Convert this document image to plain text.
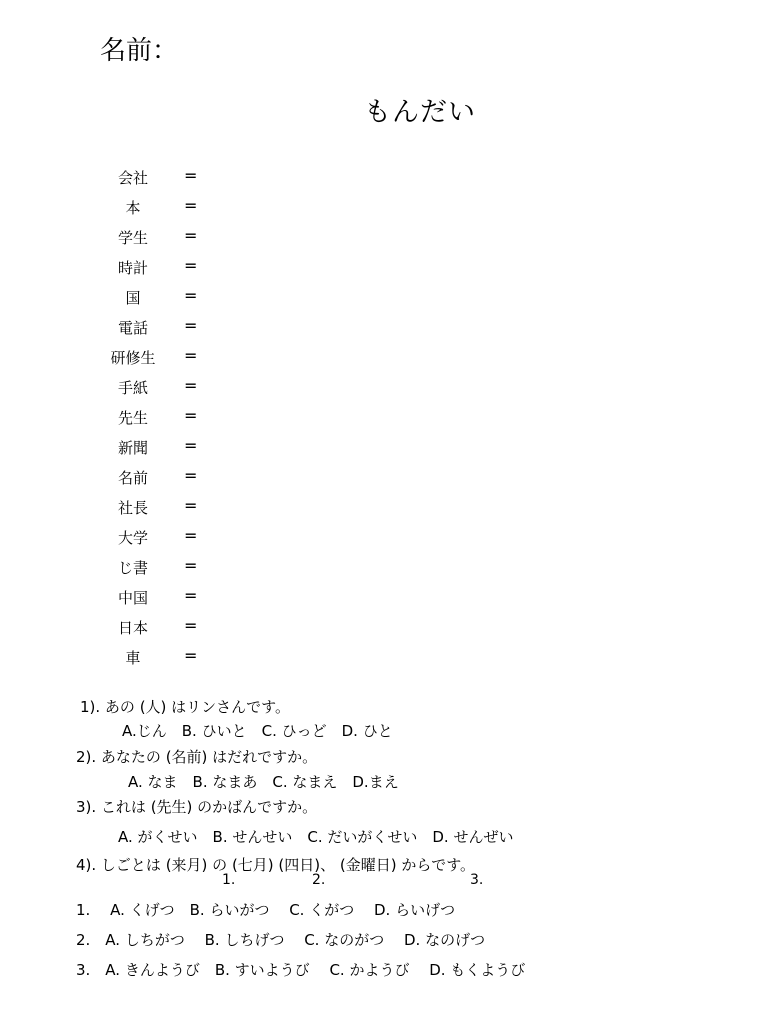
名前：
もんだい
会社	=
本	=
学生	=
時計	=
国	=
電話	=
研修生	=
手紙	=
先生	=
新聞	=
名前	=
社長	=
大学	=
じ書	=
中国	=
日本	=
車	=
1). あの (人) はリンさんです。
A.じん　B. ひいと　C. ひっど　D. ひと
2). あなたの (名前) はだれですか。
A. なま　B. なまあ　C. なまえ　D.まえ
3). これは (先生) のかばんですか。
A. がくせい　B. せんせい　C. だいがくせい　D. せんぜい
4). しごとは (来月) の (七月) (四日)、 (金曜日) からです。
1.	2.	3.
1.　 A. くげつ　B. らいがつ　 C. くがつ　 D. らいげつ
2.　A. しちがつ　 B. しちげつ　 C. なのがつ　 D. なのげつ
3.　A. きんようび　B. すいようび　 C. かようび　 D. もくようび
